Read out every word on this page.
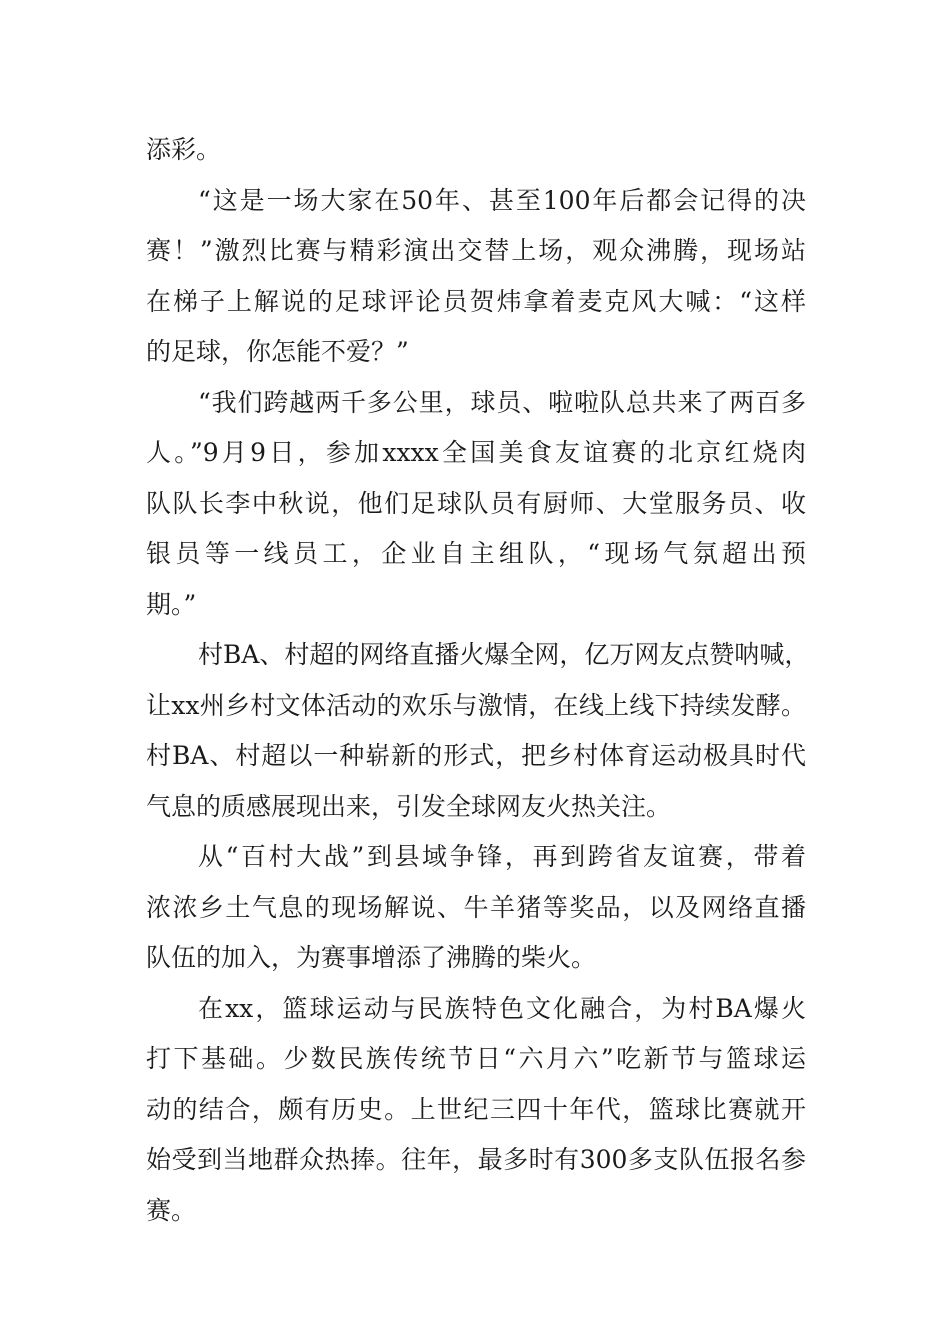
添彩。
“这是一场大家在50年、甚至100年后都会记得的决
赛！”激烈比赛与精彩演出交替上场，观众沸腾，现场站
在梯子上解说的足球评论员贺炜拿着麦克风大喊：“这样
的足球，你怎能不爱？”
“我们跨越两千多公里，球员、啦啦队总共来了两百多
人。”9月9日，参加xxxx全国美食友谊赛的北京红烧肉
队队长李中秋说，他们足球队员有厨师、大堂服务员、收
银员等一线员工，企业自主组队，“现场气氛超出预
期。”
村BA、村超的网络直播火爆全网，亿万网友点赞呐喊，
让xx州乡村文体活动的欢乐与激情，在线上线下持续发酵。
村BA、村超以一种崭新的形式，把乡村体育运动极具时代
气息的质感展现出来，引发全球网友火热关注。
从“百村大战”到县域争锋，再到跨省友谊赛，带着
浓浓乡土气息的现场解说、牛羊猪等奖品，以及网络直播
队伍的加入，为赛事增添了沸腾的柴火。
在xx，篮球运动与民族特色文化融合，为村BA爆火
打下基础。少数民族传统节日“六月六”吃新节与篮球运
动的结合，颇有历史。上世纪三四十年代，篮球比赛就开
始受到当地群众热捧。往年，最多时有300多支队伍报名参
赛。
